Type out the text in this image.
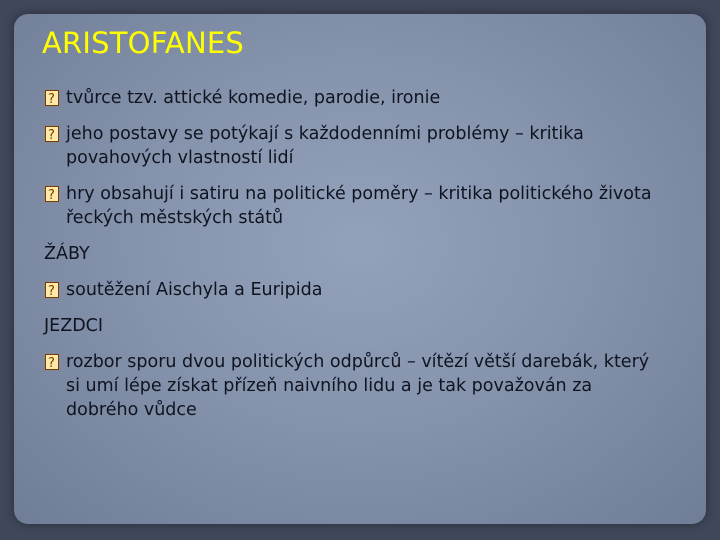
ARISTOFANES
?
tvůrce tzv. attické komedie, parodie, ironie
?
jeho postavy se potýkají s každodenními problémy – kritika povahových vlastností lidí
?
hry obsahují i satiru na politické poměry – kritika politického života řeckých městských států
ŽÁBY
?
soutěžení Aischyla a Euripida
JEZDCI
?
rozbor sporu dvou politických odpůrců – vítězí větší darebák, který si umí lépe získat přízeň naivního lidu a je tak považován za dobrého vůdce
